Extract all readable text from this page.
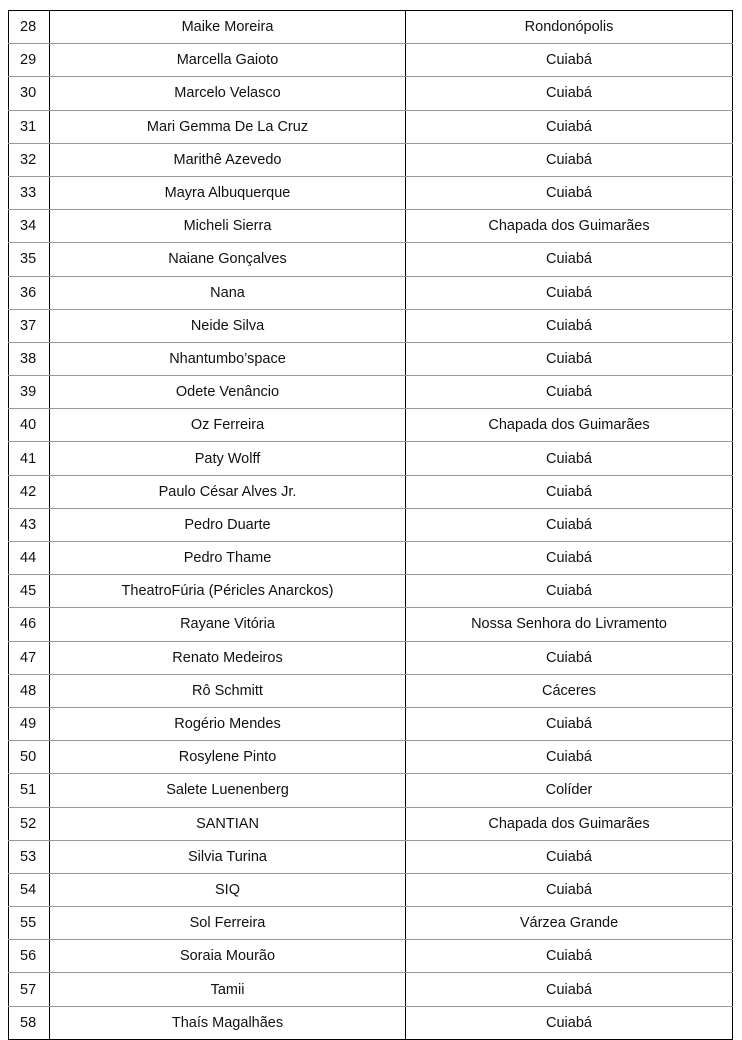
28	Maike Moreira	Rondonópolis
29	Marcella Gaioto	Cuiabá
30	Marcelo Velasco	Cuiabá
31	Mari Gemma De La Cruz	Cuiabá
32	Marithê Azevedo	Cuiabá
33	Mayra Albuquerque	Cuiabá
34	Micheli Sierra	Chapada dos Guimarães
35	Naiane Gonçalves	Cuiabá
36	Nana	Cuiabá
37	Neide Silva	Cuiabá
38	Nhantumbo’space	Cuiabá
39	Odete Venâncio	Cuiabá
40	Oz Ferreira	Chapada dos Guimarães
41	Paty Wolff	Cuiabá
42	Paulo César Alves Jr.	Cuiabá
43	Pedro Duarte	Cuiabá
44	Pedro Thame	Cuiabá
45	TheatroFúria (Péricles Anarckos)	Cuiabá
46	Rayane Vitória	Nossa Senhora do Livramento
47	Renato Medeiros	Cuiabá
48	Rô Schmitt	Cáceres
49	Rogério Mendes	Cuiabá
50	Rosylene Pinto	Cuiabá
51	Salete Luenenberg	Colíder
52	SANTIAN	Chapada dos Guimarães
53	Silvia Turina	Cuiabá
54	SIQ	Cuiabá
55	Sol Ferreira	Várzea Grande
56	Soraia Mourão	Cuiabá
57	Tamii	Cuiabá
58	Thaís Magalhães	Cuiabá
